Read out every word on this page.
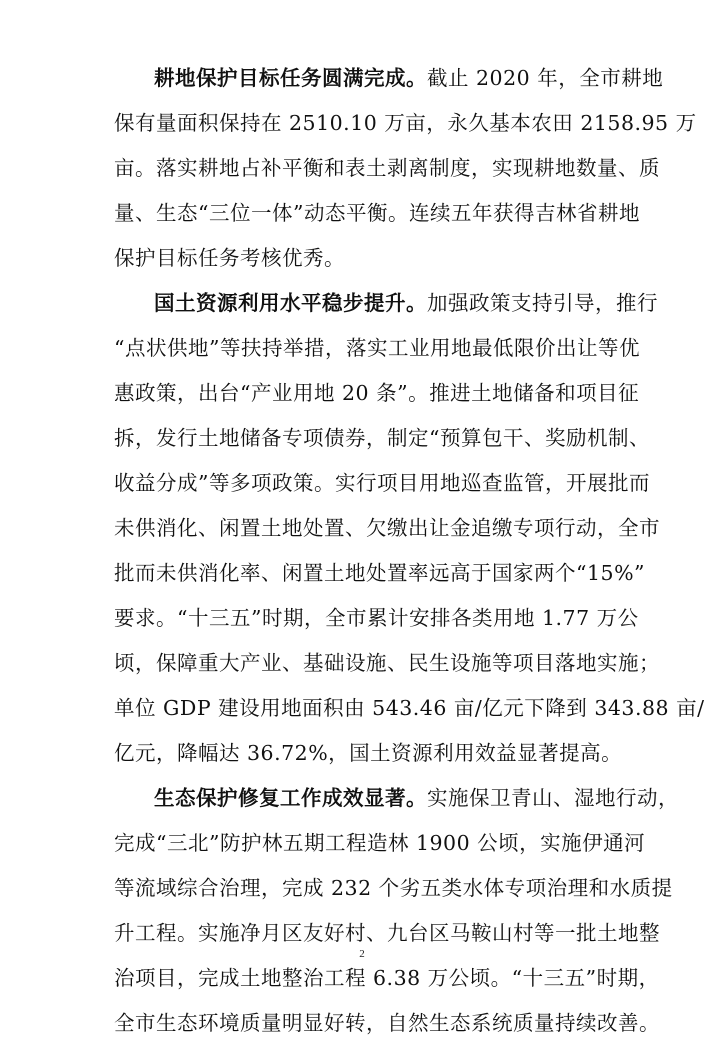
耕地保护目标任务圆满完成。截止 2020 年，全市耕地
保有量面积保持在 2510.10 万亩，永久基本农田 2158.95 万
亩。落实耕地占补平衡和表土剥离制度，实现耕地数量、质
量、生态“三位一体”动态平衡。连续五年获得吉林省耕地
保护目标任务考核优秀。
国土资源利用水平稳步提升。加强政策支持引导，推行
“点状供地”等扶持举措，落实工业用地最低限价出让等优
惠政策，出台“产业用地 20 条”。推进土地储备和项目征
拆，发行土地储备专项债券，制定“预算包干、奖励机制、
收益分成”等多项政策。实行项目用地巡查监管，开展批而
未供消化、闲置土地处置、欠缴出让金追缴专项行动，全市
批而未供消化率、闲置土地处置率远高于国家两个“15%”
要求。“十三五”时期，全市累计安排各类用地 1.77 万公
顷，保障重大产业、基础设施、民生设施等项目落地实施；
单位 GDP 建设用地面积由 543.46 亩/亿元下降到 343.88 亩/
亿元，降幅达 36.72%，国土资源利用效益显著提高。
生态保护修复工作成效显著。实施保卫青山、湿地行动，
完成“三北”防护林五期工程造林 1900 公顷，实施伊通河
等流域综合治理，完成 232 个劣五类水体专项治理和水质提
升工程。实施净月区友好村、九台区马鞍山村等一批土地整
治项目，完成土地整治工程 6.38 万公顷。“十三五”时期，
全市生态环境质量明显好转，自然生态系统质量持续改善。
2
